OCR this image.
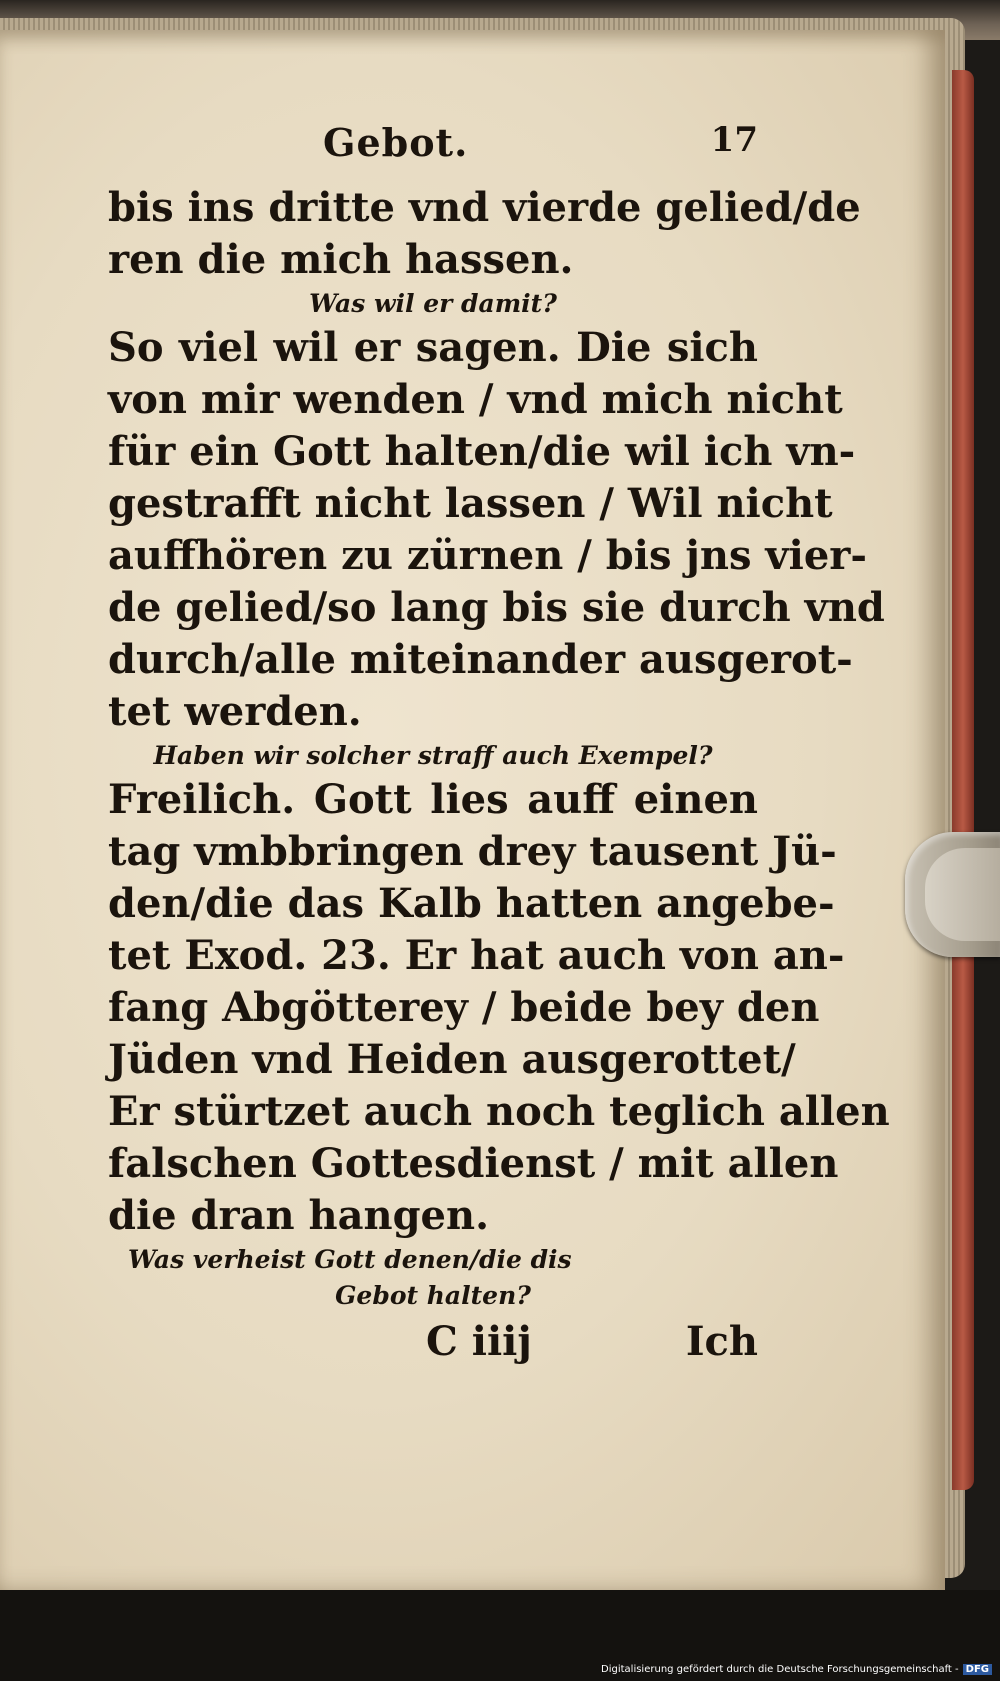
Gebot.	17
bis ins dritte vnd vierde gelied/de
ren die mich hassen.
Was wil er damit?
So viel wil er sagen. Die sich
von mir wenden / vnd mich nicht
für ein Gott halten/die wil ich vn-
gestrafft nicht lassen / Wil nicht
auffhören zu zürnen / bis jns vier-
de gelied/so lang bis sie durch vnd
durch/alle miteinander ausgerot-
tet werden.
Haben wir solcher straff auch Exempel?
Freilich. Gott lies auff einen
tag vmbbringen drey tausent Jü-
den/die das Kalb hatten angebe-
tet Exod. 23. Er hat auch von an-
fang Abgötterey / beide bey den
Jüden vnd Heiden ausgerottet/
Er stürtzet auch noch teglich allen
falschen Gottesdienst / mit allen
die dran hangen.
Was verheist Gott denen/die dis
Gebot halten?
C iiij	Ich
Digitalisierung gefördert durch die Deutsche Forschungsgemeinschaft - DFG
